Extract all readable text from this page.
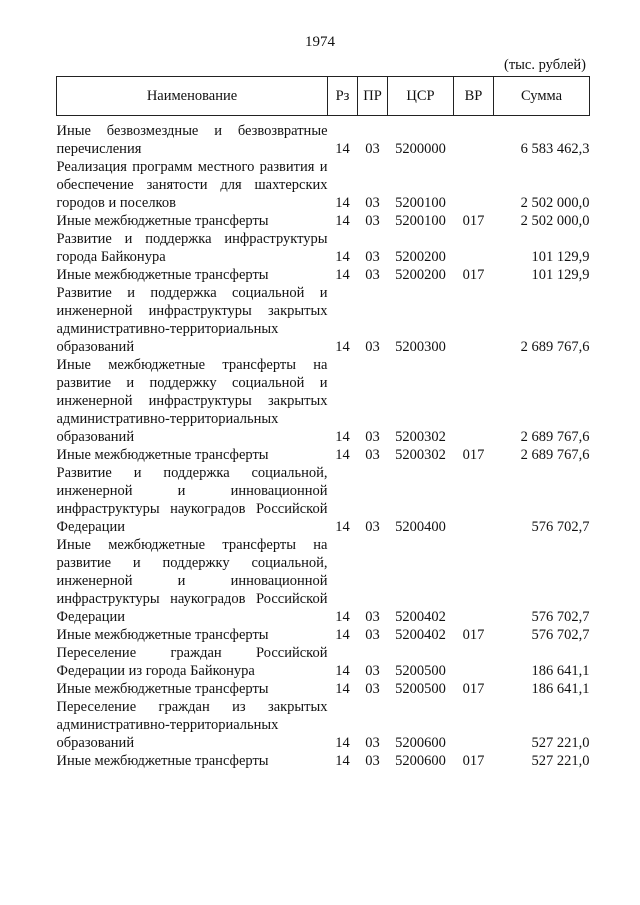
1974
(тыс. рублей)
Наименование	Рз	ПР	ЦСР	ВР	Сумма
Иные безвозмездные и безвозвратные перечисления	14	03	5200000		6 583 462,3
Реализация программ местного развития и обеспечение занятости для шахтерских городов и поселков	14	03	5200100		2 502 000,0
Иные межбюджетные трансферты	14	03	5200100	017	2 502 000,0
Развитие и поддержка инфраструктуры города Байконура	14	03	5200200		101 129,9
Иные межбюджетные трансферты	14	03	5200200	017	101 129,9
Развитие и поддержка социальной и инженерной инфраструктуры закрытых административно-территориальных образований	14	03	5200300		2 689 767,6
Иные межбюджетные трансферты на развитие и поддержку социальной и инженерной инфраструктуры закрытых административно-территориальных образований	14	03	5200302		2 689 767,6
Иные межбюджетные трансферты	14	03	5200302	017	2 689 767,6
Развитие и поддержка социальной, инженерной и инновационной инфраструктуры наукоградов Российской Федерации	14	03	5200400		576 702,7
Иные межбюджетные трансферты на развитие и поддержку социальной, инженерной и инновационной инфраструктуры наукоградов Российской Федерации	14	03	5200402		576 702,7
Иные межбюджетные трансферты	14	03	5200402	017	576 702,7
Переселение граждан Российской Федерации из города Байконура	14	03	5200500		186 641,1
Иные межбюджетные трансферты	14	03	5200500	017	186 641,1
Переселение граждан из закрытых административно-территориальных образований	14	03	5200600		527 221,0
Иные межбюджетные трансферты	14	03	5200600	017	527 221,0
